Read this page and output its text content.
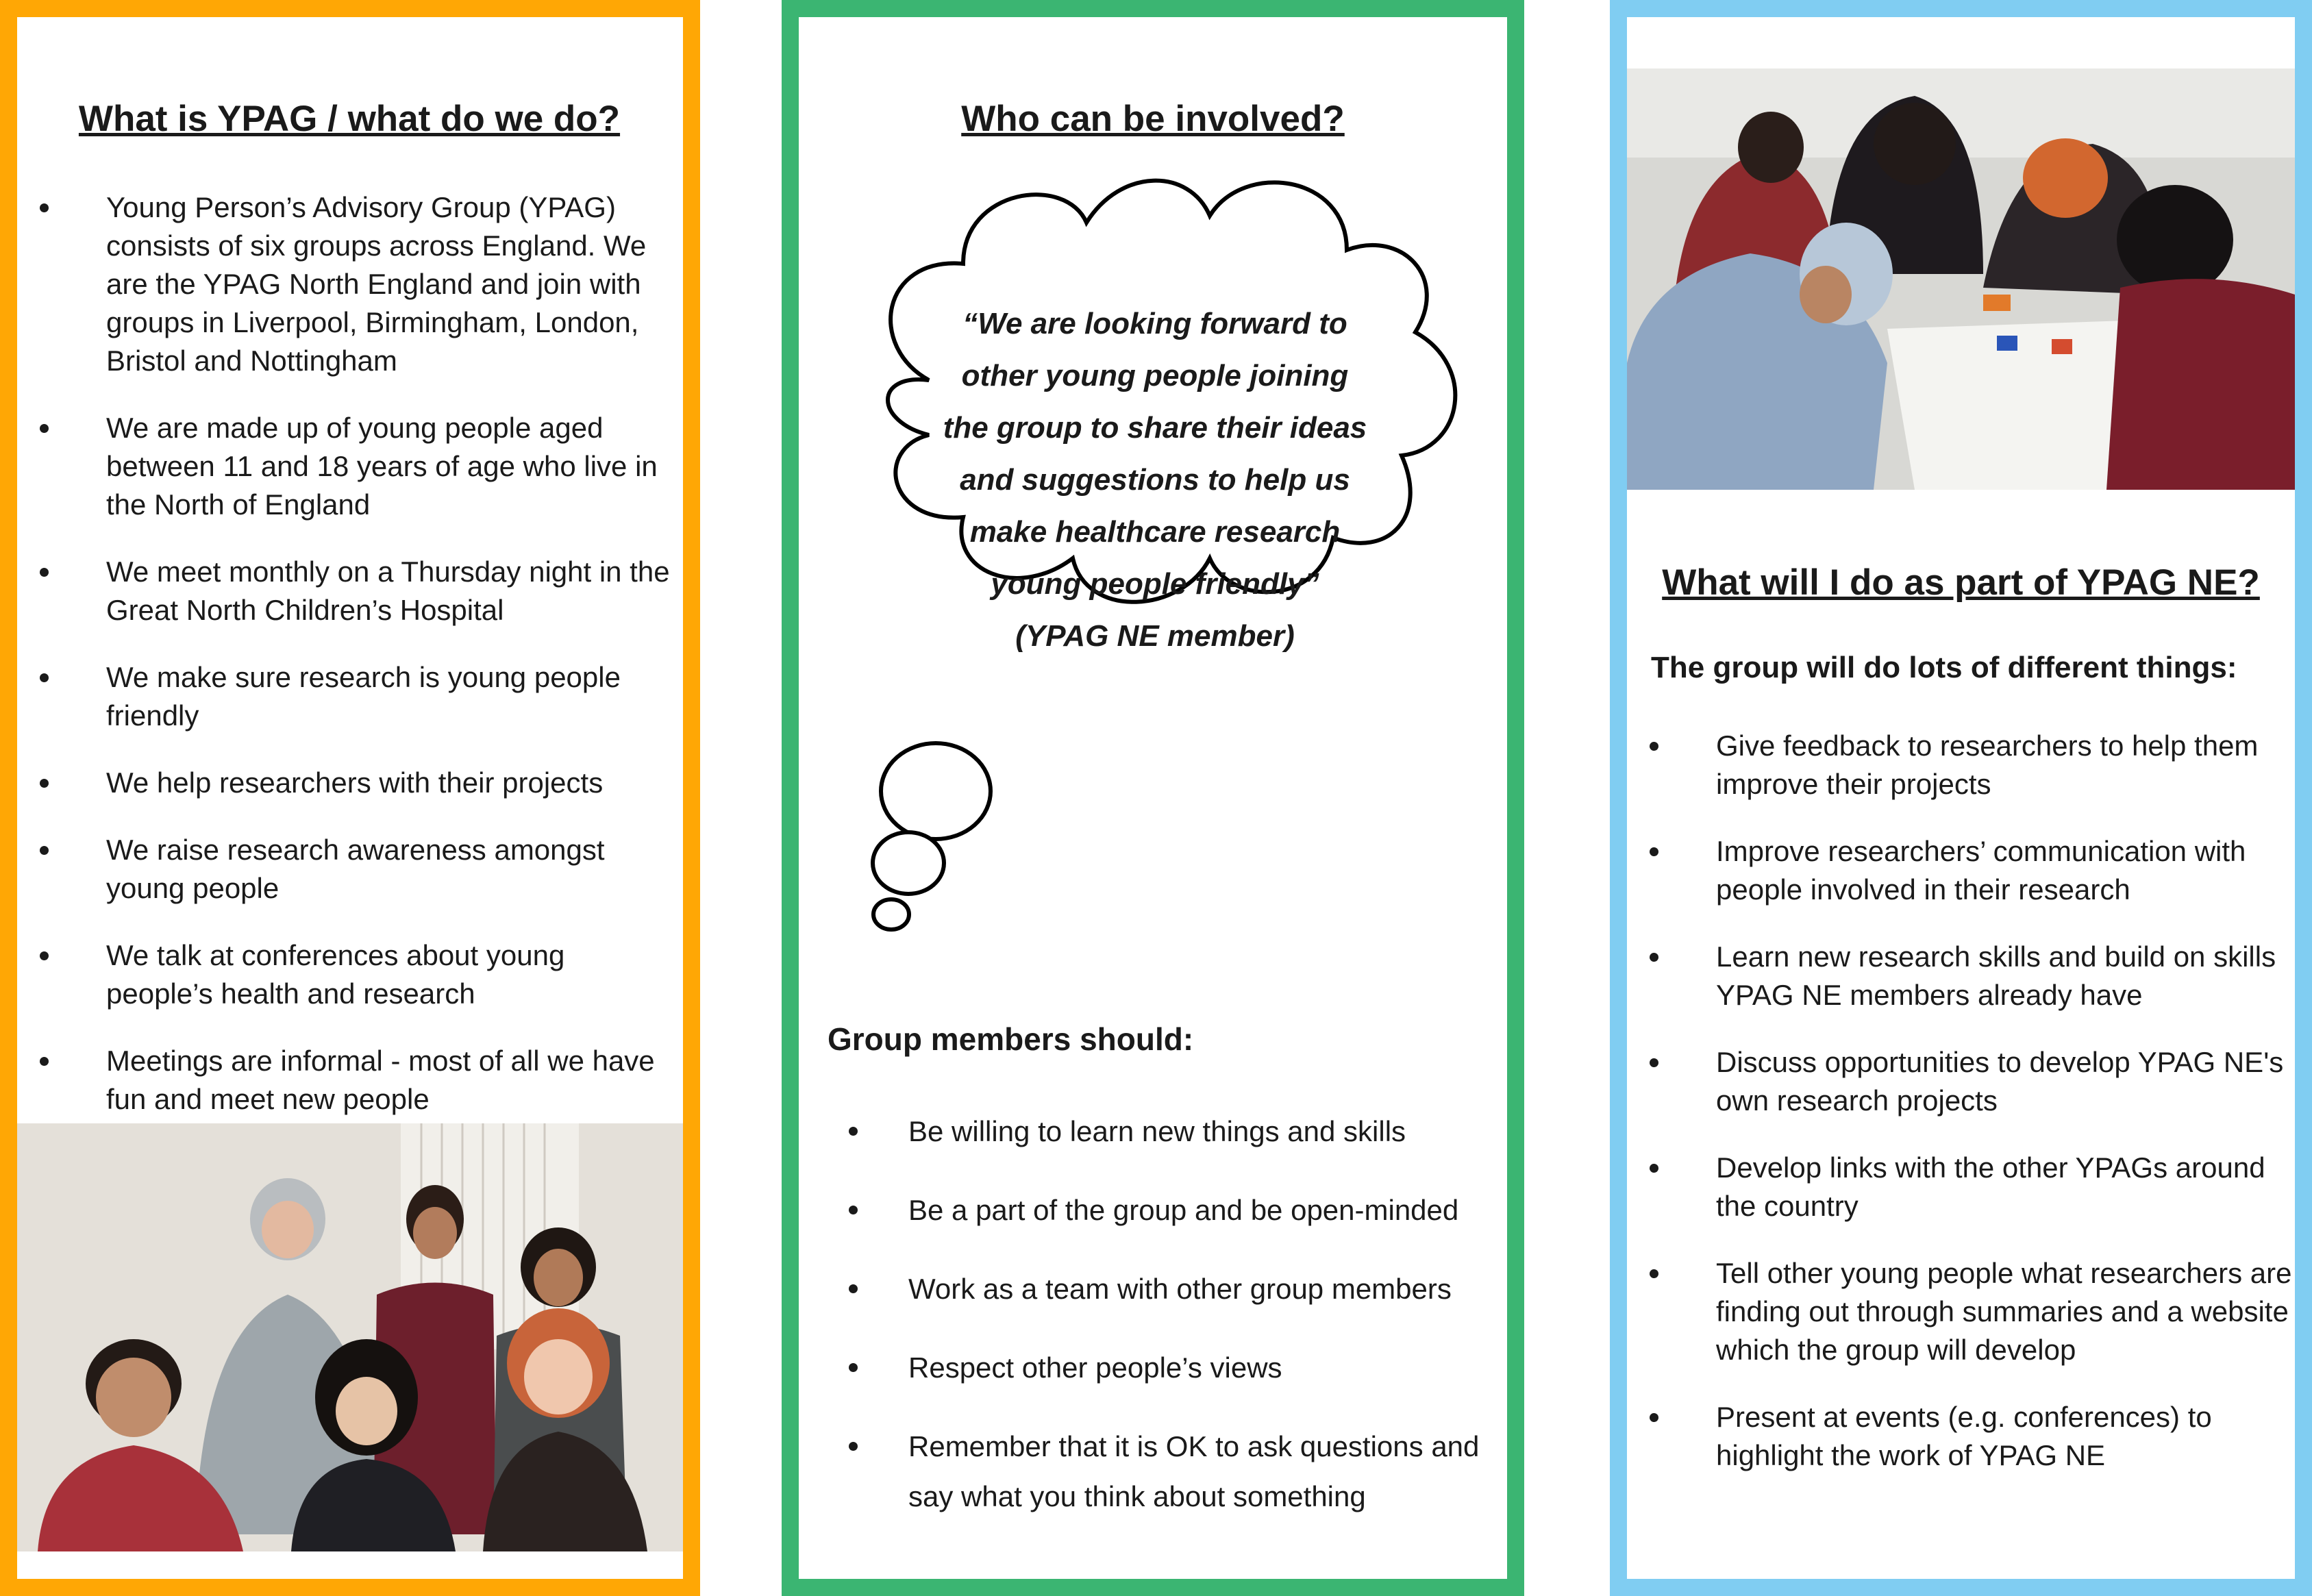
What is YPAG / what do we do?
Young Person’s Advisory Group (YPAG) consists of six groups across England. We are the YPAG North England and join with groups in Liverpool, Birmingham, London, Bristol and Nottingham
We are made up of young people aged between 11 and 18 years of age who live in the North of England
We meet monthly on a Thursday night in the Great North Children’s Hospital
We make sure research is young people friendly
We help researchers with their projects
We raise research awareness amongst young people
We talk at conferences about young people’s health and research
Meetings are informal - most of all we have fun and meet new people
Who can be involved?
“We are looking forward to
other young people joining
the group to share their ideas
and suggestions to help us
make healthcare research
young people friendly”
(YPAG NE member)
Group members should:
Be willing to learn new things and skills
Be a part of the group and be open-minded
Work as a team with other group members
Respect other people’s views
Remember that it is OK to ask questions and say what you think about something
What will I do as part of YPAG NE?
The group will do lots of different things:
Give feedback to researchers to help them improve their projects
Improve researchers’ communication with people involved in their research
Learn new research skills and build on skills YPAG NE members already have
Discuss opportunities to develop YPAG NE's own research projects
Develop links with the other YPAGs around the country
Tell other young people what researchers are finding out through summaries and a website which the group will develop
Present at events (e.g. conferences) to highlight the work of YPAG NE
